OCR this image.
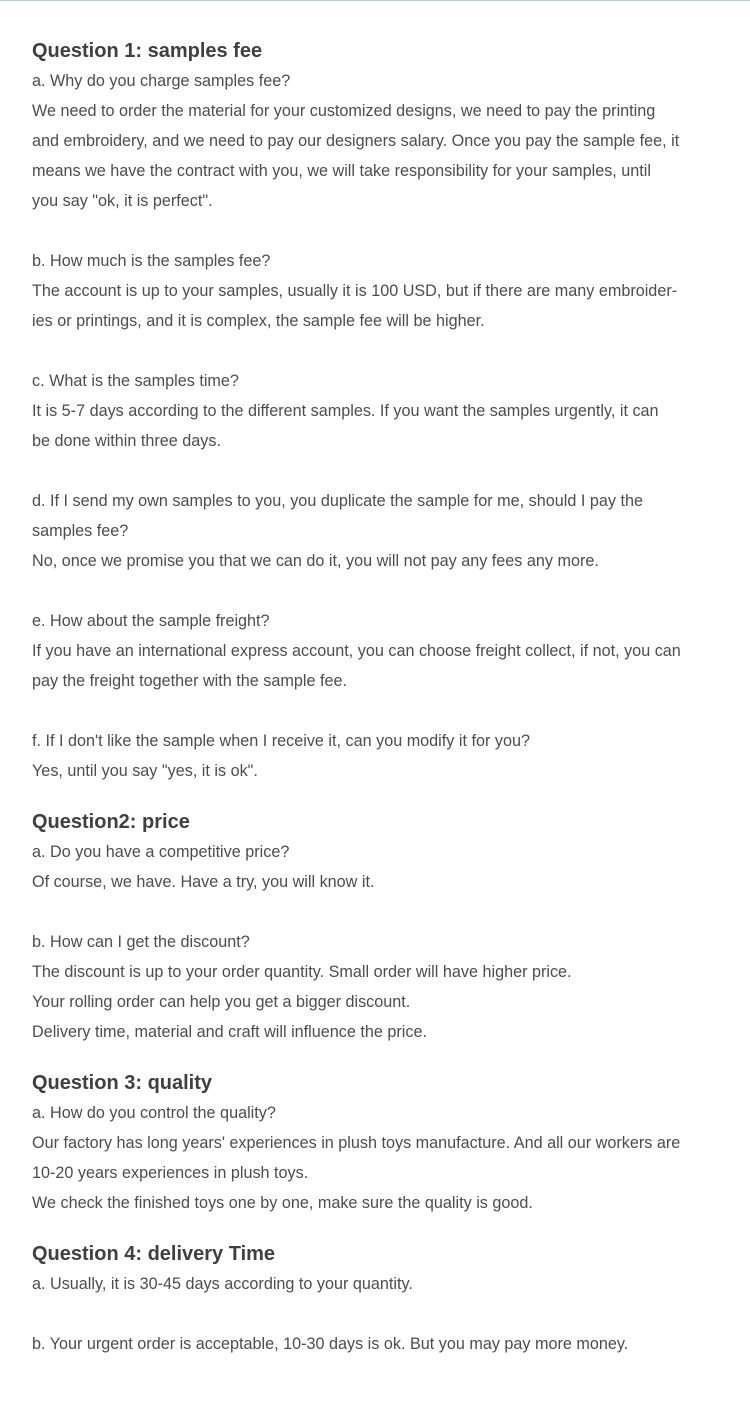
Question 1: samples fee
a. Why do you charge samples fee?
We need to order the material for your customized designs, we need to pay the printing
and embroidery, and we need to pay our designers salary. Once you pay the sample fee, it
means we have the contract with you, we will take responsibility for your samples, until
you say "ok, it is perfect".
b. How much is the samples fee?
The account is up to your samples, usually it is 100 USD, but if there are many embroider-
ies or printings, and it is complex, the sample fee will be higher.
c. What is the samples time?
It is 5-7 days according to the different samples. If you want the samples urgently, it can
be done within three days.
d. If I send my own samples to you, you duplicate the sample for me, should I pay the
samples fee?
No, once we promise you that we can do it, you will not pay any fees any more.
e. How about the sample freight?
If you have an international express account, you can choose freight collect, if not, you can
pay the freight together with the sample fee.
f. If I don't like the sample when I receive it, can you modify it for you?
Yes, until you say "yes, it is ok".
Question2: price
a. Do you have a competitive price?
Of course, we have. Have a try, you will know it.
b. How can I get the discount?
The discount is up to your order quantity. Small order will have higher price.
Your rolling order can help you get a bigger discount.
Delivery time, material and craft will influence the price.
Question 3: quality
a. How do you control the quality?
Our factory has long years' experiences in plush toys manufacture. And all our workers are
10-20 years experiences in plush toys.
We check the finished toys one by one, make sure the quality is good.
Question 4: delivery Time
a. Usually, it is 30-45 days according to your quantity.
b. Your urgent order is acceptable, 10-30 days is ok. But you may pay more money.
